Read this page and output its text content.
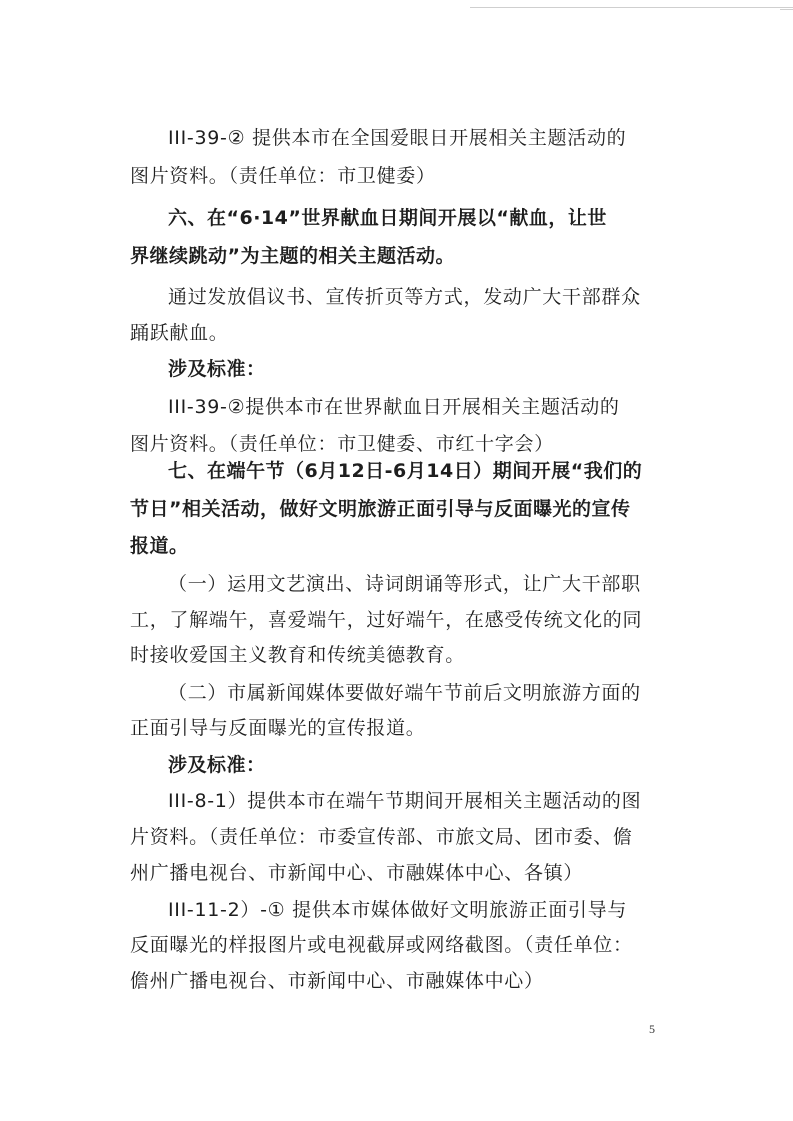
III-39-② 提供本市在全国爱眼日开展相关主题活动的
图片资料。（责任单位：市卫健委）
六、在“6·14”世界献血日期间开展以“献血，让世
界继续跳动”为主题的相关主题活动。
通过发放倡议书、宣传折页等方式，发动广大干部群众
踊跃献血。
涉及标准：
III-39-②提供本市在世界献血日开展相关主题活动的
图片资料。（责任单位：市卫健委、市红十字会）
七、在端午节（6月12日-6月14日）期间开展“我们的
节日”相关活动，做好文明旅游正面引导与反面曝光的宣传
报道。
（一）运用文艺演出、诗词朗诵等形式，让广大干部职
工，了解端午，喜爱端午，过好端午，在感受传统文化的同
时接收爱国主义教育和传统美德教育。
（二）市属新闻媒体要做好端午节前后文明旅游方面的
正面引导与反面曝光的宣传报道。
涉及标准：
III-8-1）提供本市在端午节期间开展相关主题活动的图
片资料。（责任单位：市委宣传部、市旅文局、团市委、儋
州广播电视台、市新闻中心、市融媒体中心、各镇）
III-11-2）-① 提供本市媒体做好文明旅游正面引导与
反面曝光的样报图片或电视截屏或网络截图。（责任单位：
儋州广播电视台、市新闻中心、市融媒体中心）
5
